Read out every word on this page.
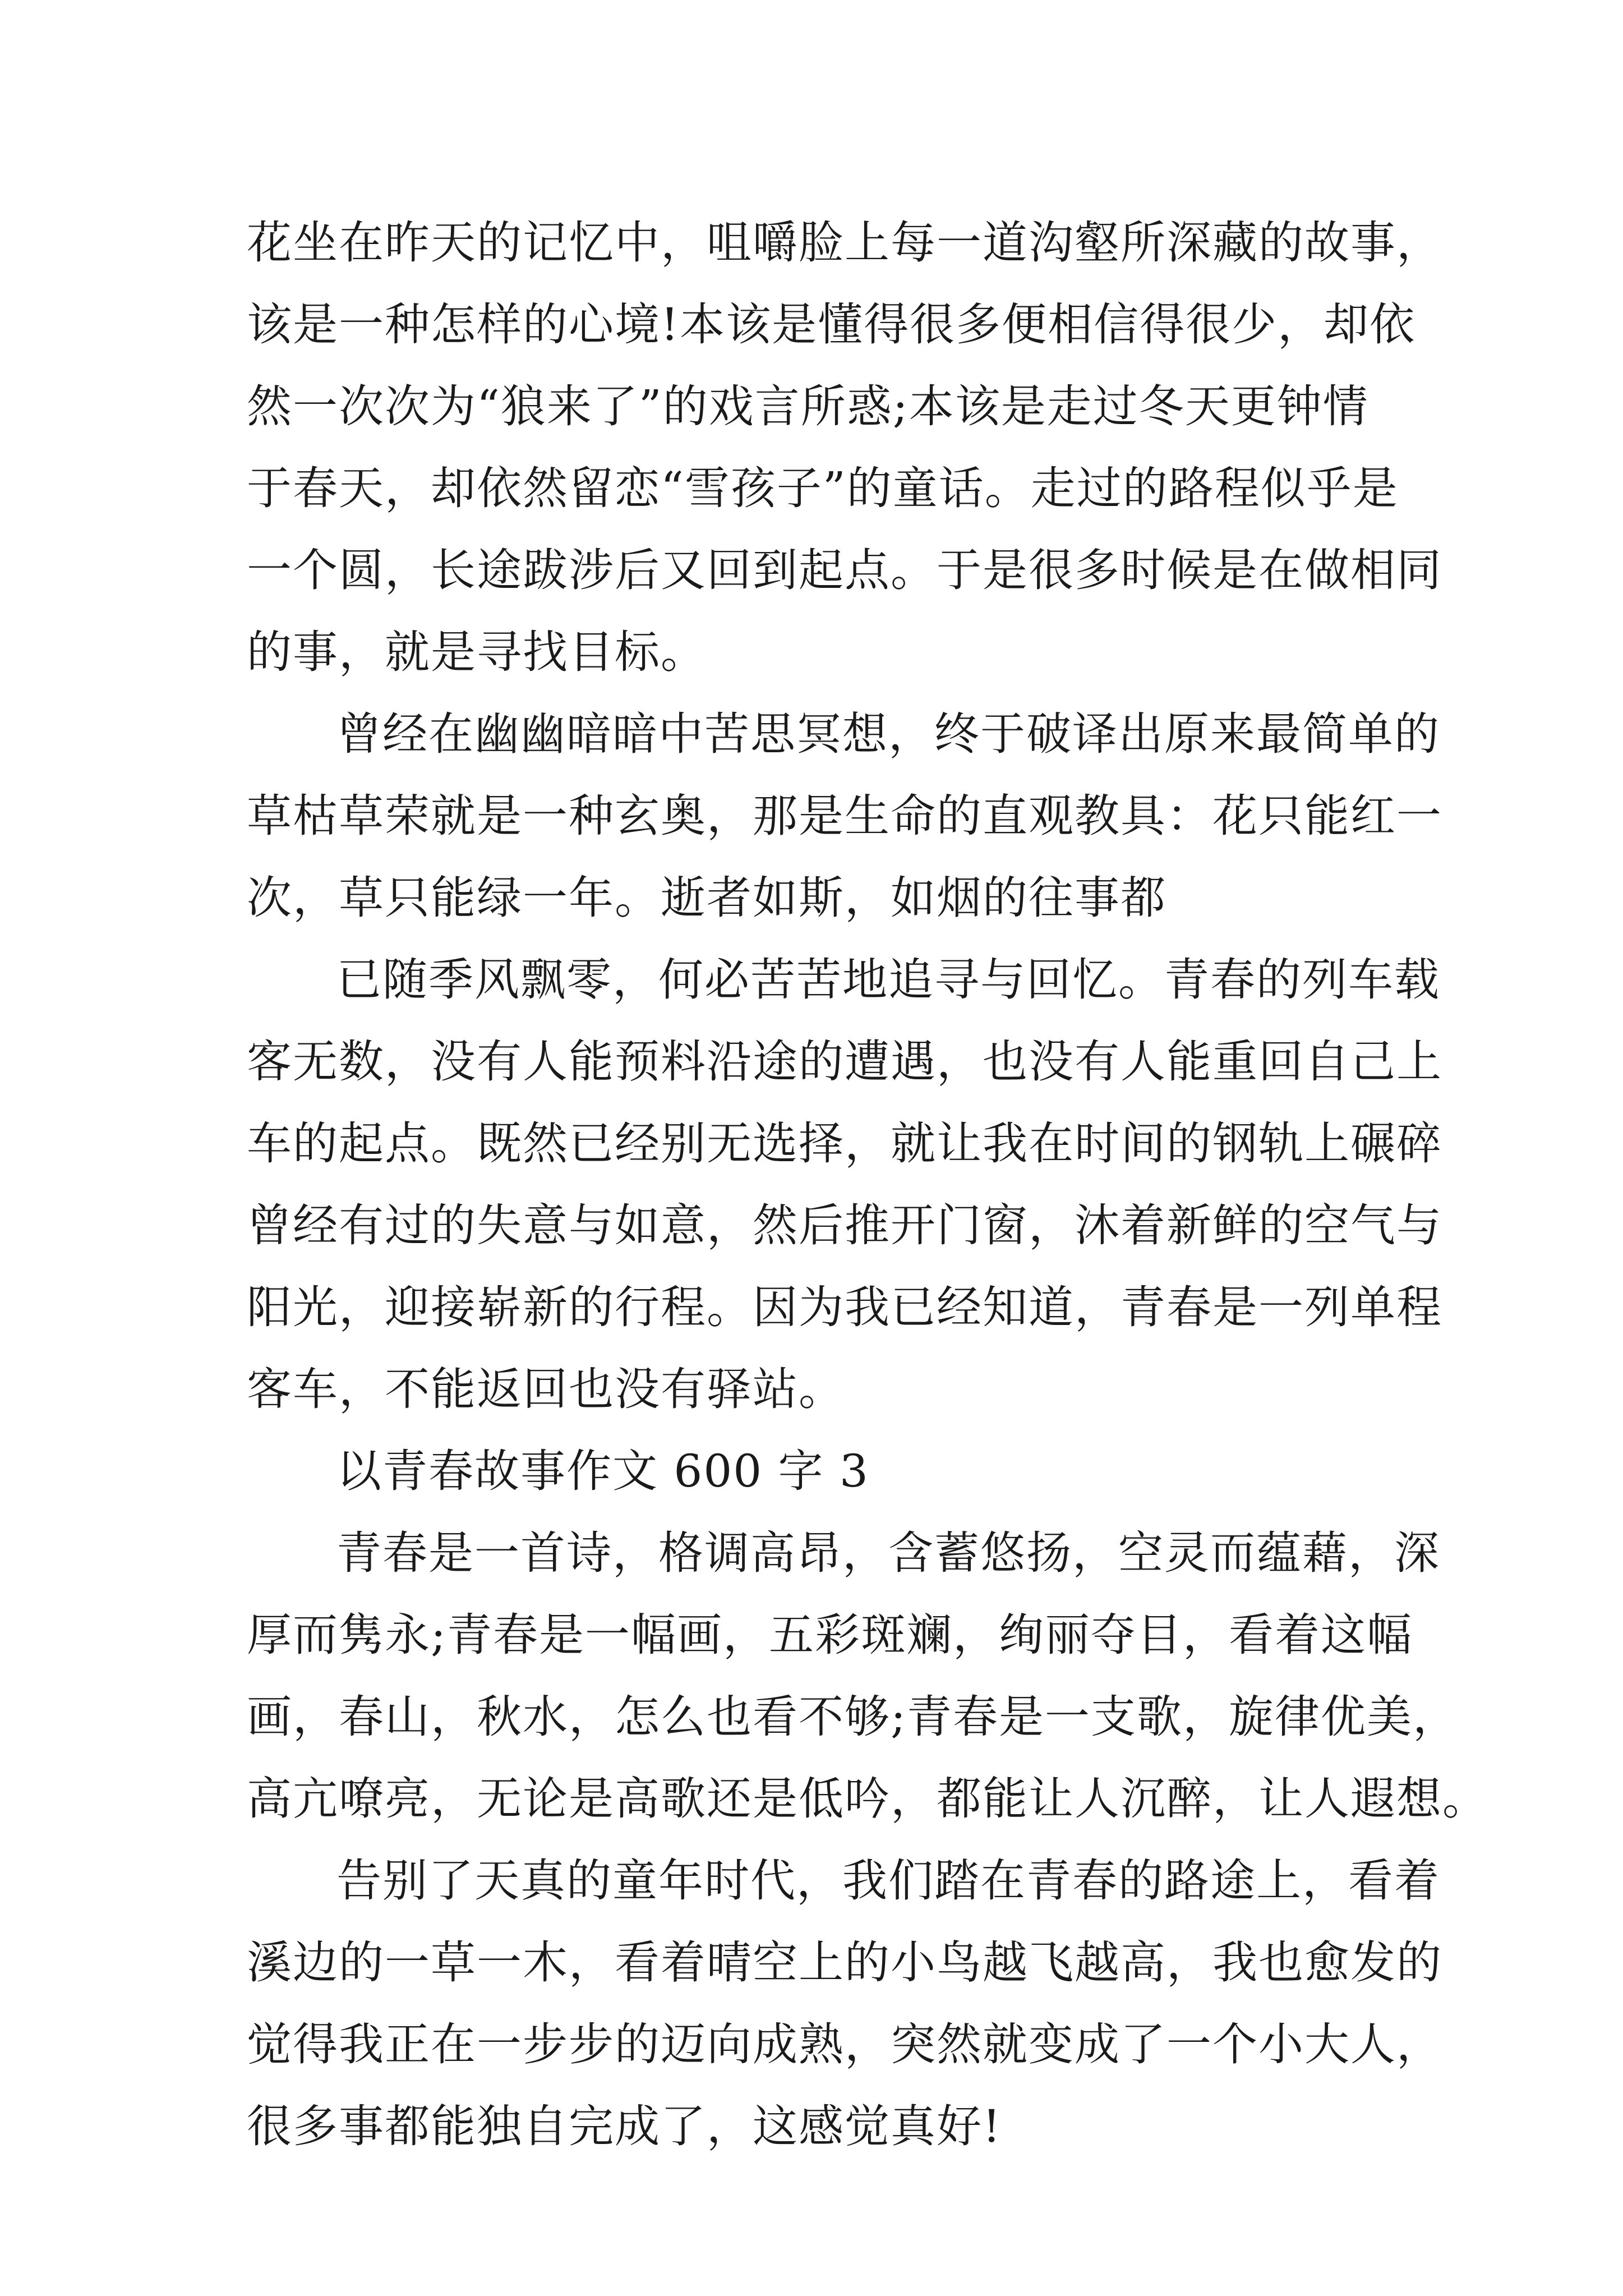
花坐在昨天的记忆中，咀嚼脸上每一道沟壑所深藏的故事，
该是一种怎样的心境!本该是懂得很多便相信得很少，却依
然一次次为“狼来了”的戏言所惑;本该是走过冬天更钟情
于春天，却依然留恋“雪孩子”的童话。走过的路程似乎是
一个圆，长途跋涉后又回到起点。于是很多时候是在做相同
的事，就是寻找目标。
曾经在幽幽暗暗中苦思冥想，终于破译出原来最简单的
草枯草荣就是一种玄奥，那是生命的直观教具：花只能红一
次，草只能绿一年。逝者如斯，如烟的往事都
已随季风飘零，何必苦苦地追寻与回忆。青春的列车载
客无数，没有人能预料沿途的遭遇，也没有人能重回自己上
车的起点。既然已经别无选择，就让我在时间的钢轨上碾碎
曾经有过的失意与如意，然后推开门窗，沐着新鲜的空气与
阳光，迎接崭新的行程。因为我已经知道，青春是一列单程
客车，不能返回也没有驿站。
以青春故事作文 600 字 3
青春是一首诗，格调高昂，含蓄悠扬，空灵而蕴藉，深
厚而隽永;青春是一幅画，五彩斑斓，绚丽夺目，看着这幅
画，春山，秋水，怎么也看不够;青春是一支歌，旋律优美，
高亢嘹亮，无论是高歌还是低吟，都能让人沉醉，让人遐想。
告别了天真的童年时代，我们踏在青春的路途上，看着
溪边的一草一木，看着晴空上的小鸟越飞越高，我也愈发的
觉得我正在一步步的迈向成熟，突然就变成了一个小大人，
很多事都能独自完成了，这感觉真好!
